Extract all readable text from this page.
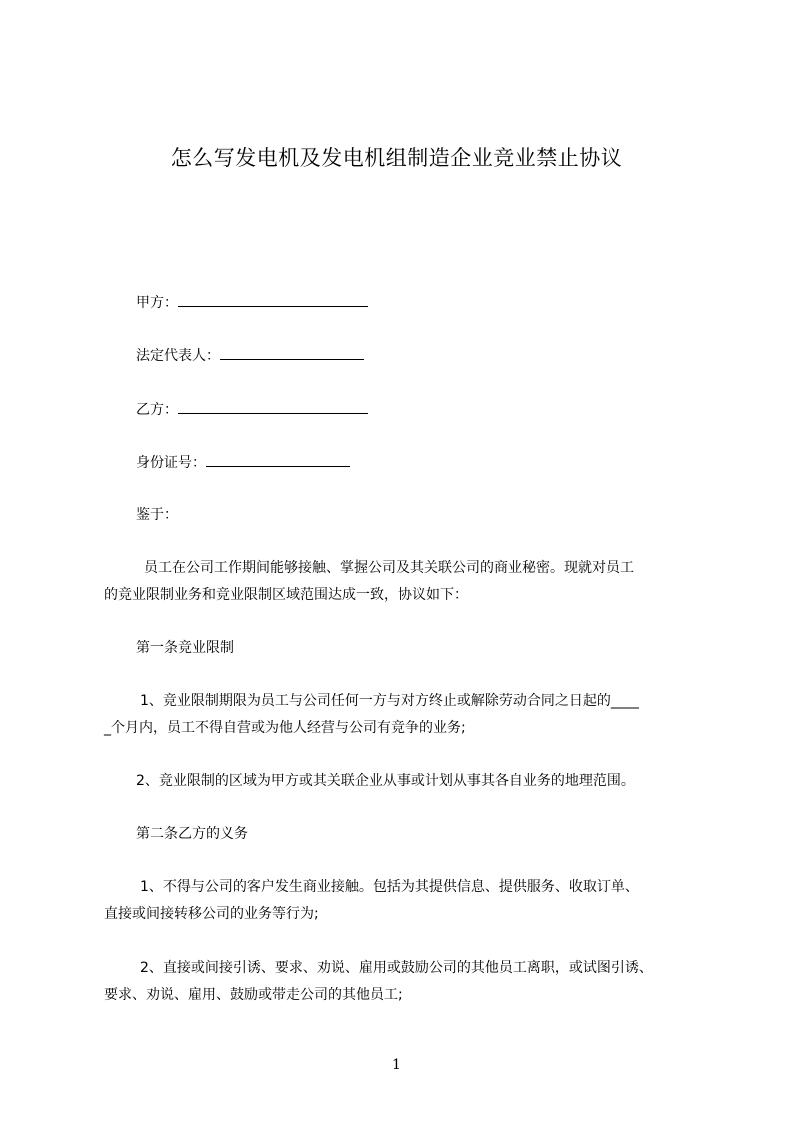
怎么写发电机及发电机组制造企业竞业禁止协议
甲方：
法定代表人：
乙方：
身份证号：
鉴于：
员工在公司工作期间能够接触、掌握公司及其关联公司的商业秘密。现就对员工
的竞业限制业务和竞业限制区域范围达成一致，协议如下：
第一条竞业限制
1、竞业限制期限为员工与公司任何一方与对方终止或解除劳动合同之日起的____
_个月内，员工不得自营或为他人经营与公司有竞争的业务;
2、竞业限制的区域为甲方或其关联企业从事或计划从事其各自业务的地理范围。
第二条乙方的义务
1、不得与公司的客户发生商业接触。包括为其提供信息、提供服务、收取订单、
直接或间接转移公司的业务等行为;
2、直接或间接引诱、要求、劝说、雇用或鼓励公司的其他员工离职，或试图引诱、
要求、劝说、雇用、鼓励或带走公司的其他员工;
1
